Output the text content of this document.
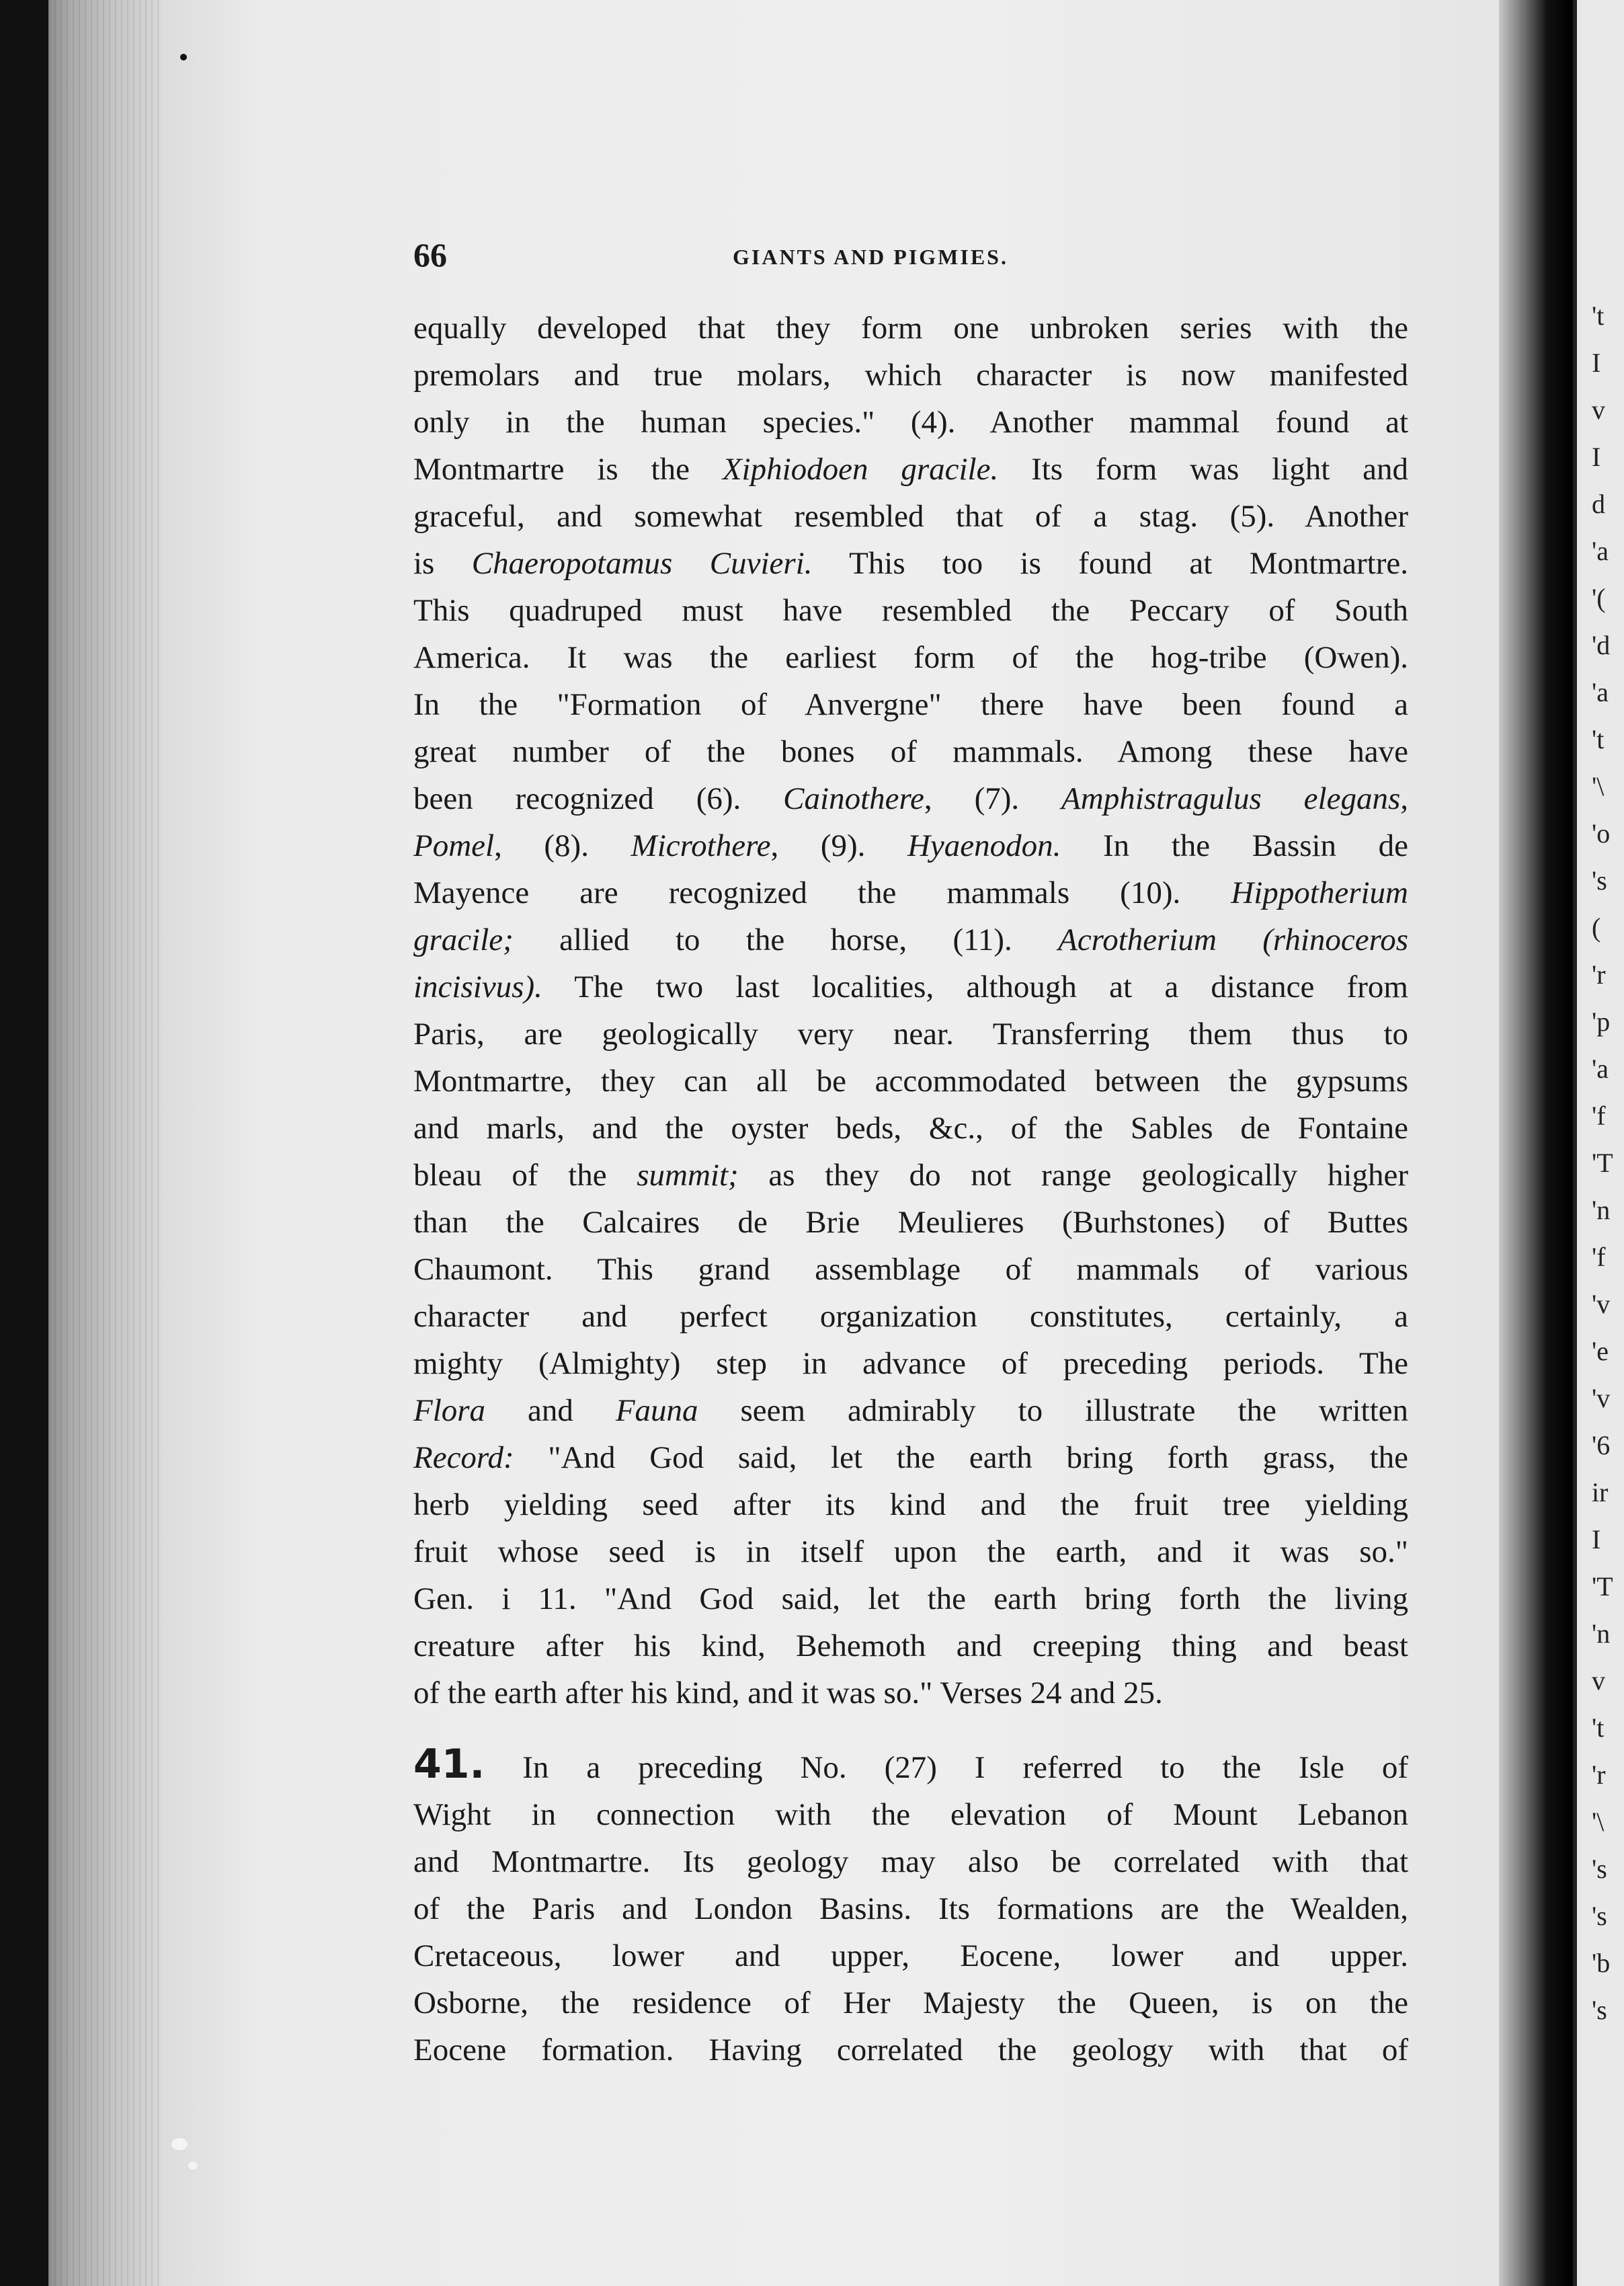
't
I
v
I
d
'a
'(
'd
'a
't
'\
'o
's
(
'r
'p
'a
'f
'T
'n
'f
'v
'e
'v
'6
ir
I
'T
'n
v
't
'r
'\
's
's
'b
's
66	GIANTS AND PIGMIES.
equally developed that they form one unbroken series with the
premolars and true molars, which character is now manifested
only in the human species." (4). Another mammal found at
Montmartre is the Xiphiodoen gracile. Its form was light and
graceful, and somewhat resembled that of a stag. (5). Another
is Chaeropotamus Cuvieri. This too is found at Montmartre.
This quadruped must have resembled the Peccary of South
America. It was the earliest form of the hog-tribe (Owen).
In the "Formation of Anvergne" there have been found a
great number of the bones of mammals. Among these have
been recognized (6). Cainothere, (7). Amphistragulus elegans,
Pomel, (8). Microthere, (9). Hyaenodon. In the Bassin de
Mayence are recognized the mammals (10). Hippotherium
gracile; allied to the horse, (11). Acrotherium (rhinoceros
incisivus). The two last localities, although at a distance from
Paris, are geologically very near. Transferring them thus to
Montmartre, they can all be accommodated between the gypsums
and marls, and the oyster beds, &c., of the Sables de Fontaine
bleau of the summit; as they do not range geologically higher
than the Calcaires de Brie Meulieres (Burhstones) of Buttes
Chaumont. This grand assemblage of mammals of various
character and perfect organization constitutes, certainly, a
mighty (Almighty) step in advance of preceding periods. The
Flora and Fauna seem admirably to illustrate the written
Record: "And God said, let the earth bring forth grass, the
herb yielding seed after its kind and the fruit tree yielding
fruit whose seed is in itself upon the earth, and it was so."
Gen. i 11. "And God said, let the earth bring forth the living
creature after his kind, Behemoth and creeping thing and beast
of the earth after his kind, and it was so." Verses 24 and 25.
41. In a preceding No. (27) I referred to the Isle of
Wight in connection with the elevation of Mount Lebanon
and Montmartre. Its geology may also be correlated with that
of the Paris and London Basins. Its formations are the Wealden,
Cretaceous, lower and upper, Eocene, lower and upper.
Osborne, the residence of Her Majesty the Queen, is on the
Eocene formation. Having correlated the geology with that of
